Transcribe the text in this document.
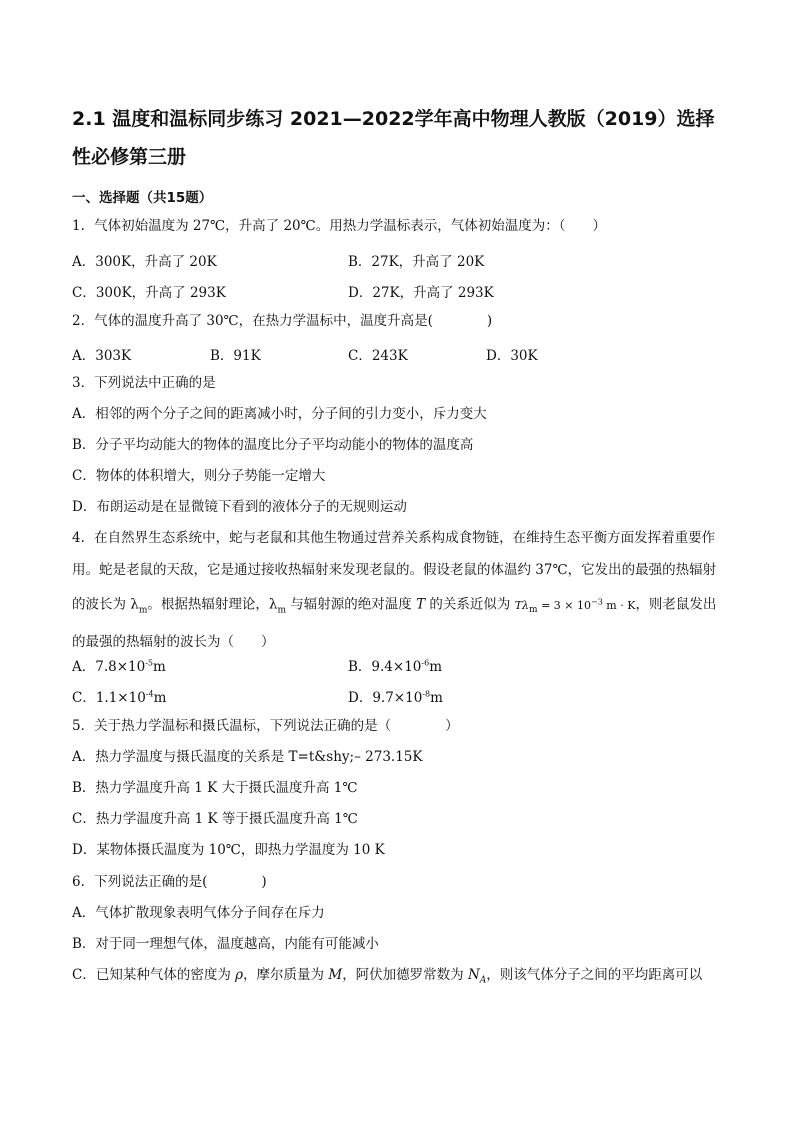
2.1 温度和温标同步练习 2021—2022学年高中物理人教版（2019）选择性必修第三册
一、选择题（共15题）
1．气体初始温度为 27℃，升高了 20℃。用热力学温标表示，气体初始温度为：（　　）
A．300K，升高了 20K	B．27K，升高了 20K
C．300K，升高了 293K	D．27K，升高了 293K
2．气体的温度升高了 30℃，在热力学温标中，温度升高是(　　　　)
A．303K	B．91K	C．243K	D．30K
3．下列说法中正确的是
A．相邻的两个分子之间的距离减小时，分子间的引力变小，斥力变大
B．分子平均动能大的物体的温度比分子平均动能小的物体的温度高
C．物体的体积增大，则分子势能一定增大
D．布朗运动是在显微镜下看到的液体分子的无规则运动
4．在自然界生态系统中，蛇与老鼠和其他生物通过营养关系构成食物链，在维持生态平衡方面发挥着重要作用。蛇是老鼠的天敌，它是通过接收热辐射来发现老鼠的。假设老鼠的体温约 37℃，它发出的最强的热辐射的波长为 $\lambda_m$。根据热辐射理论，$\lambda_m$ 与辐射源的绝对温度 T 的关系近似为 $T\lambda_m = 3 \times 10^{-3}$ m · K，则老鼠发出的最强的热辐射的波长为（　　）
A．$7.8\times 10^{-5}m$	B．$9.4\times 10^{-6}m$
C．$1.1\times 10^{-4}m$	D．$9.7\times 10^{-8}m$
5．关于热力学温标和摄氏温标，下列说法正确的是（　　　　）
A．热力学温度与摄氏温度的关系是 T=t&shy;– 273.15K
B．热力学温度升高 1 K 大于摄氏温度升高 1℃
C．热力学温度升高 1 K 等于摄氏温度升高 1℃
D．某物体摄氏温度为 10℃，即热力学温度为 10 K
6．下列说法正确的是(　　　　)
A．气体扩散现象表明气体分子间存在斥力
B．对于同一理想气体，温度越高，内能有可能减小
C．已知某种气体的密度为 ρ，摩尔质量为 M，阿伏加德罗常数为 $N_A$，则该气体分子之间的平均距离可以
